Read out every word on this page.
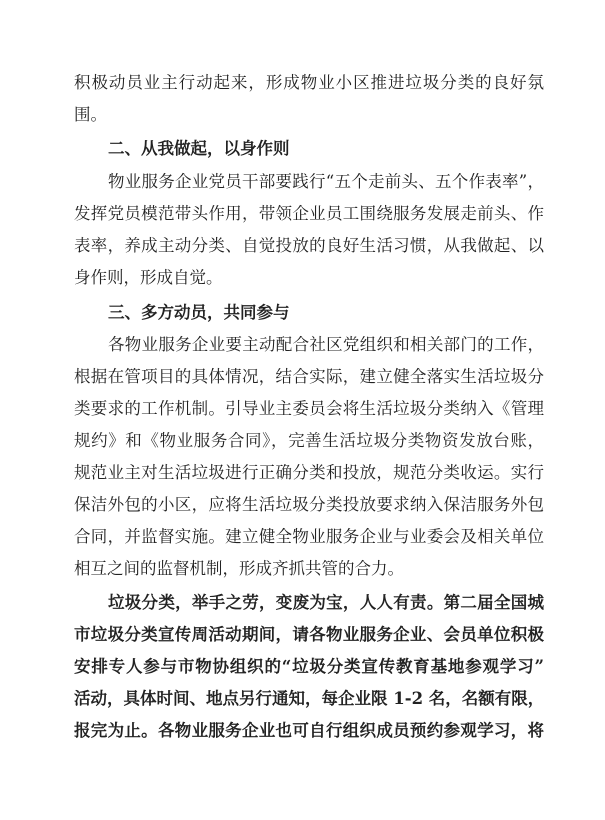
积极动员业主行动起来，形成物业小区推进垃圾分类的良好氛
围。
二、从我做起，以身作则
物业服务企业党员干部要践行“五个走前头、五个作表率”，
发挥党员模范带头作用，带领企业员工围绕服务发展走前头、作
表率，养成主动分类、自觉投放的良好生活习惯，从我做起、以
身作则，形成自觉。
三、多方动员，共同参与
各物业服务企业要主动配合社区党组织和相关部门的工作，
根据在管项目的具体情况，结合实际，建立健全落实生活垃圾分
类要求的工作机制。引导业主委员会将生活垃圾分类纳入《管理
规约》和《物业服务合同》，完善生活垃圾分类物资发放台账，
规范业主对生活垃圾进行正确分类和投放，规范分类收运。实行
保洁外包的小区，应将生活垃圾分类投放要求纳入保洁服务外包
合同，并监督实施。建立健全物业服务企业与业委会及相关单位
相互之间的监督机制，形成齐抓共管的合力。
垃圾分类，举手之劳，变废为宝，人人有责。第二届全国城
市垃圾分类宣传周活动期间，请各物业服务企业、会员单位积极
安排专人参与市物协组织的“垃圾分类宣传教育基地参观学习”
活动，具体时间、地点另行通知，每企业限 1-2 名，名额有限，
报完为止。各物业服务企业也可自行组织成员预约参观学习，将
